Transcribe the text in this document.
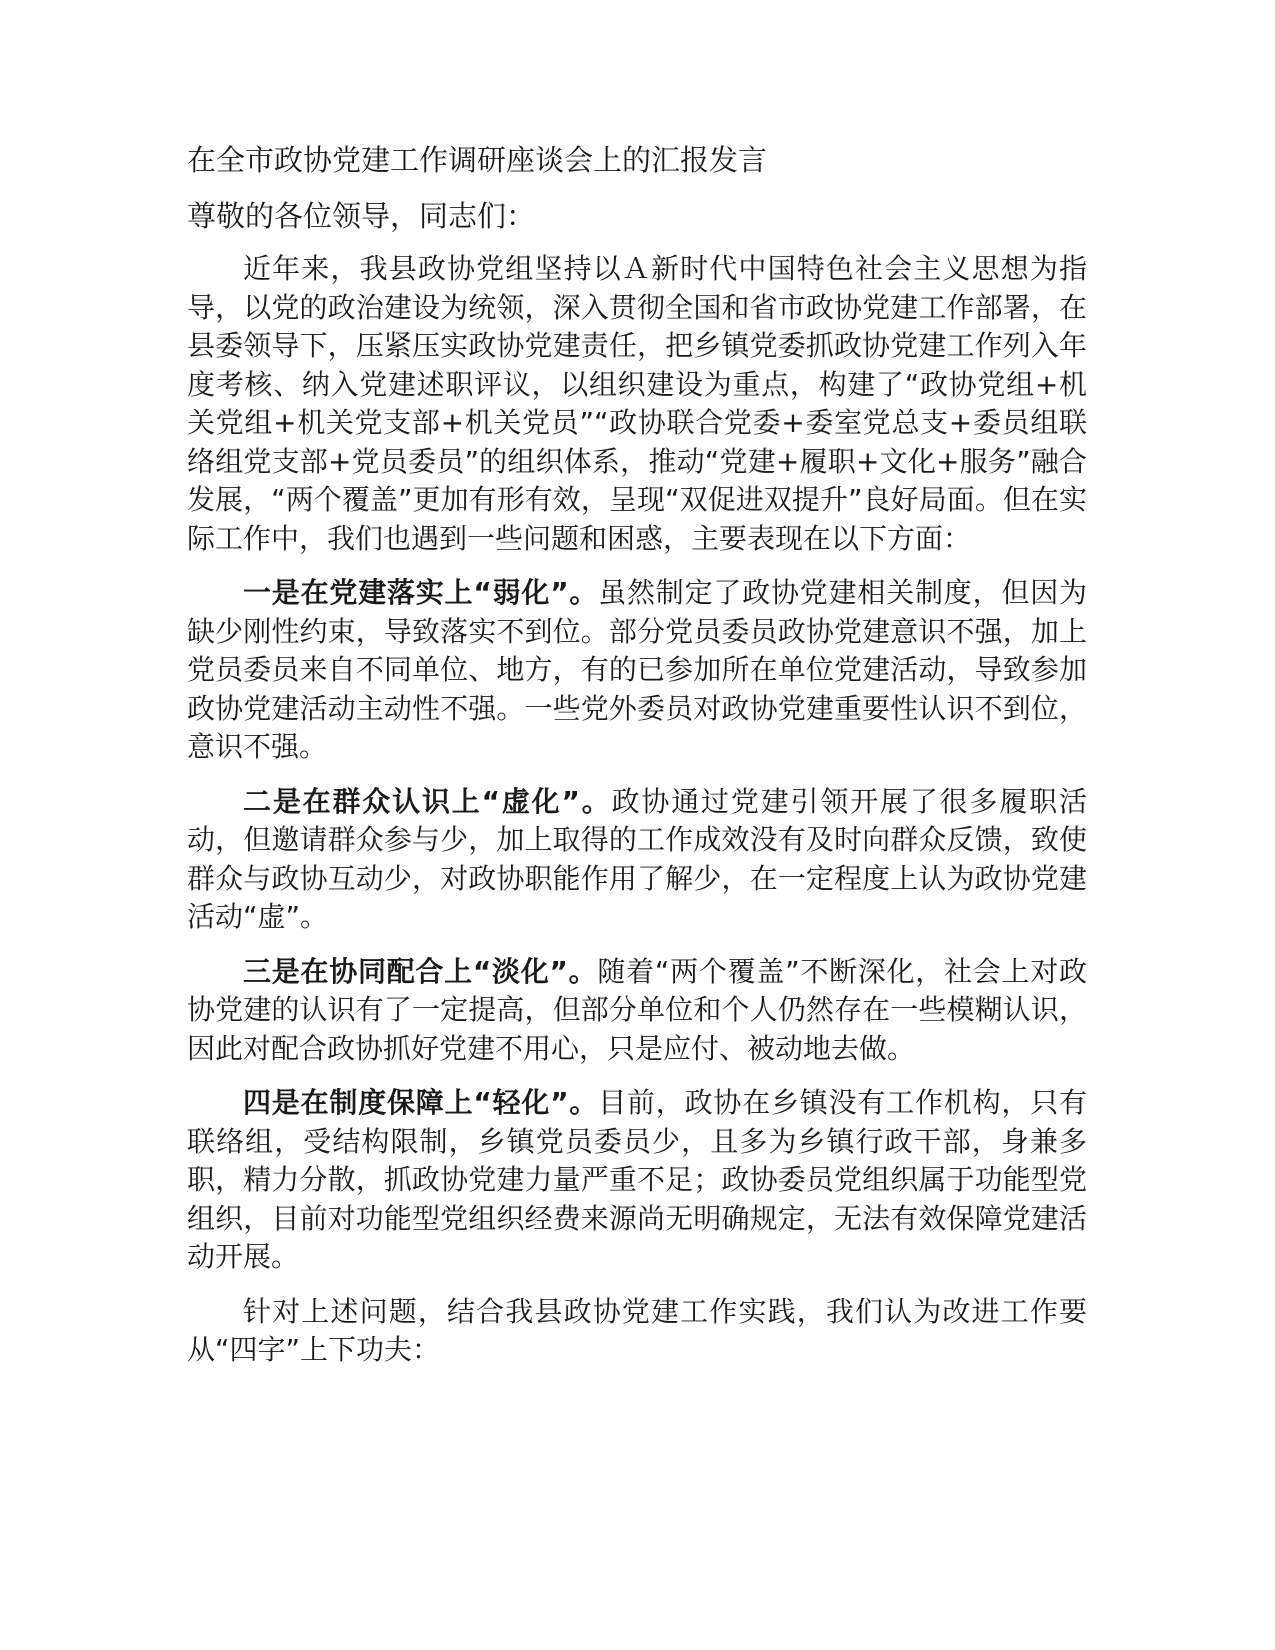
在全市政协党建工作调研座谈会上的汇报发言
尊敬的各位领导，同志们：

近年来，我县政协党组坚持以Ａ新时代中国特色社会主义思想为指导，以党的政治建设为统领，深入贯彻全国和省市政协党建工作部署，在县委领导下，压紧压实政协党建责任，把乡镇党委抓政协党建工作列入年度考核、纳入党建述职评议，以组织建设为重点，构建了“政协党组+机关党组+机关党支部+机关党员”“政协联合党委+委室党总支+委员组联络组党支部+党员委员”的组织体系，推动“党建+履职+文化+服务”融合发展，“两个覆盖”更加有形有效，呈现“双促进双提升”良好局面。但在实际工作中，我们也遇到一些问题和困惑，主要表现在以下方面：

一是在党建落实上“弱化”。虽然制定了政协党建相关制度，但因为缺少刚性约束，导致落实不到位。部分党员委员政协党建意识不强，加上党员委员来自不同单位、地方，有的已参加所在单位党建活动，导致参加政协党建活动主动性不强。一些党外委员对政协党建重要性认识不到位，意识不强。

二是在群众认识上“虚化”。政协通过党建引领开展了很多履职活动，但邀请群众参与少，加上取得的工作成效没有及时向群众反馈，致使群众与政协互动少，对政协职能作用了解少，在一定程度上认为政协党建活动“虚”。

三是在协同配合上“淡化”。随着“两个覆盖”不断深化，社会上对政协党建的认识有了一定提高，但部分单位和个人仍然存在一些模糊认识，因此对配合政协抓好党建不用心，只是应付、被动地去做。

四是在制度保障上“轻化”。目前，政协在乡镇没有工作机构，只有联络组，受结构限制，乡镇党员委员少，且多为乡镇行政干部，身兼多职，精力分散，抓政协党建力量严重不足；政协委员党组织属于功能型党组织，目前对功能型党组织经费来源尚无明确规定，无法有效保障党建活动开展。

针对上述问题，结合我县政协党建工作实践，我们认为改进工作要从“四字”上下功夫：
